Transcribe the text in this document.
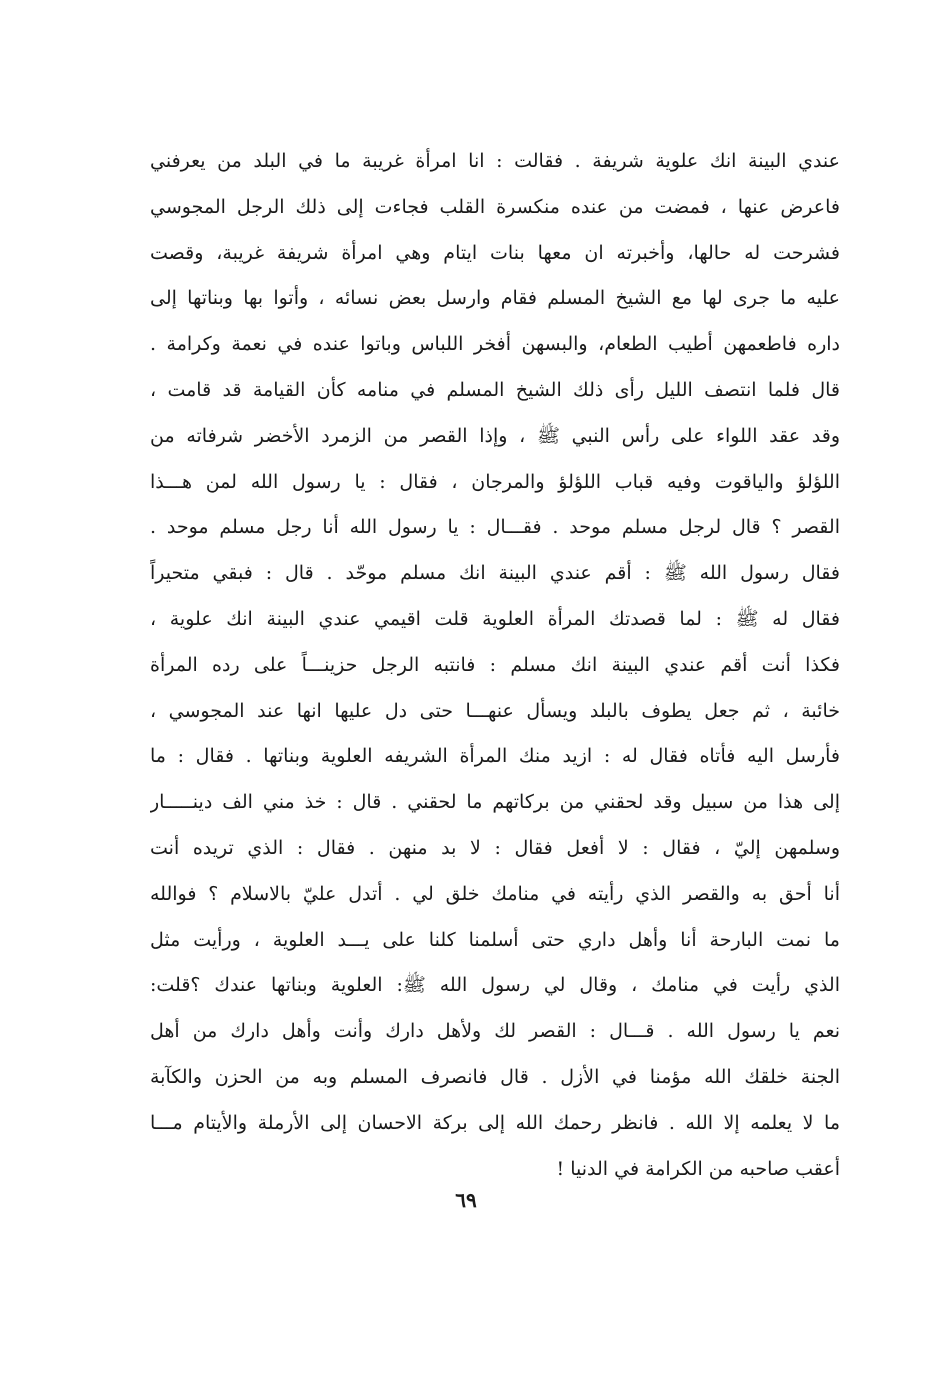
عندي البينة انك علوية شريفة . فقالت : انا امرأة غريبة ما في البلد من يعرفني
فاعرض عنها ، فمضت من عنده منكسرة القلب فجاءت إلى ذلك الرجل المجوسي
فشرحت له حالها، وأخبرته ان معها بنات ايتام وهي امرأة شريفة غريبة، وقصت
عليه ما جرى لها مع الشيخ المسلم فقام وارسل بعض نسائه ، وأتوا بها وبناتها إلى
داره فاطعمهن أطيب الطعام، والبسهن أفخر اللباس وباتوا عنده في نعمة وكرامة .
قال فلما انتصف الليل رأى ذلك الشيخ المسلم في منامه كأن القيامة قد قامت ،
وقد عقد اللواء على رأس النبي ﷺ ، وإذا القصر من الزمرد الأخضر شرفاته من
اللؤلؤ والياقوت وفيه قباب اللؤلؤ والمرجان ، فقال : يا رسول الله لمن هـــذا
القصر ؟ قال لرجل مسلم موحد . فقـــال : يا رسول الله أنا رجل مسلم موحد .
فقال رسول الله ﷺ : أقم عندي البينة انك مسلم موحّد . قال : فبقي متحيراً
فقال له ﷺ : لما قصدتك المرأة العلوية قلت اقيمي عندي البينة انك علوية ،
فكذا أنت أقم عندي البينة انك مسلم : فانتبه الرجل حزينـــاً على رده المرأة
خائبة ، ثم جعل يطوف بالبلد ويسأل عنهـــا حتى دل عليها انها عند المجوسي ،
فأرسل اليه فأتاه فقال له : ازيد منك المرأة الشريفه العلوية وبناتها . فقال : ما
إلى هذا من سبيل وقد لحقني من بركاتهم ما لحقني . قال : خذ مني الف دينـــــار
وسلمهن إليّ ، فقال : لا أفعل فقال : لا بد منهن . فقال : الذي تريده أنت
أنا أحق به والقصر الذي رأيته في منامك خلق لي . أتدل عليّ بالاسلام ؟ فوالله
ما نمت البارحة أنا وأهل داري حتى أسلمنا كلنا على يـــد العلوية ، ورأيت مثل
الذي رأيت في منامك ، وقال لي رسول الله ﷺ: العلوية وبناتها عندك ؟قلت:
نعم يا رسول الله . قـــال : القصر لك ولأهل دارك وأنت وأهل دارك من أهل
الجنة خلقك الله مؤمنا في الأزل . قال فانصرف المسلم وبه من الحزن والكآبة
ما لا يعلمه إلا الله . فانظر رحمك الله إلى بركة الاحسان إلى الأرملة والأيتام مـــا
أعقب صاحبه من الكرامة في الدنيا !
٦٩
